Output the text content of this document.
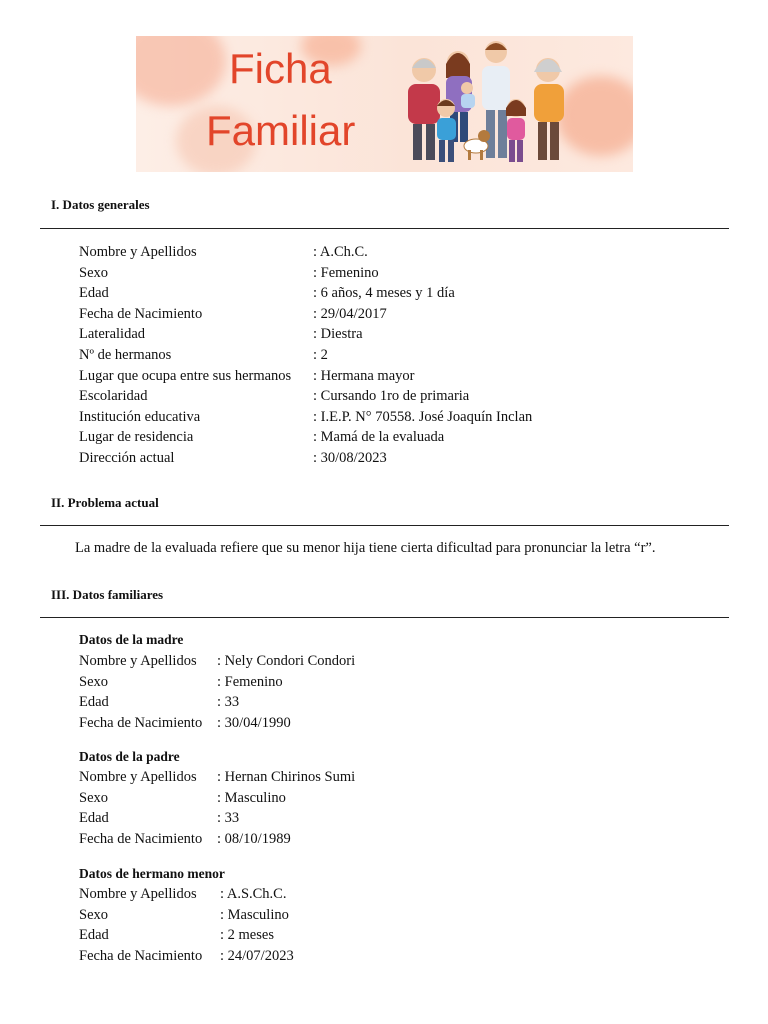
Ficha
Familiar
I. Datos generales
Nombre y Apellidos	: A.Ch.C.
Sexo	: Femenino
Edad	: 6 años, 4 meses y 1 día
Fecha de Nacimiento	: 29/04/2017
Lateralidad	: Diestra
Nº de hermanos	: 2
Lugar que ocupa entre sus hermanos	: Hermana mayor
Escolaridad	: Cursando 1ro de primaria
Institución educativa	: I.E.P. N° 70558. José Joaquín Inclan
Lugar de residencia	: Mamá de la evaluada
Dirección actual	: 30/08/2023
II. Problema actual
La madre de la evaluada refiere que su menor hija tiene cierta dificultad para pronunciar la letra “r”.
III. Datos familiares
Datos de la madre
Nombre y Apellidos	: Nely Condori Condori
Sexo	: Femenino
Edad	: 33
Fecha de Nacimiento	: 30/04/1990
Datos de la padre
Nombre y Apellidos	: Hernan Chirinos Sumi
Sexo	: Masculino
Edad	: 33
Fecha de Nacimiento	: 08/10/1989
Datos de hermano menor
Nombre y Apellidos	: A.S.Ch.C.
Sexo	: Masculino
Edad	: 2 meses
Fecha de Nacimiento	: 24/07/2023
